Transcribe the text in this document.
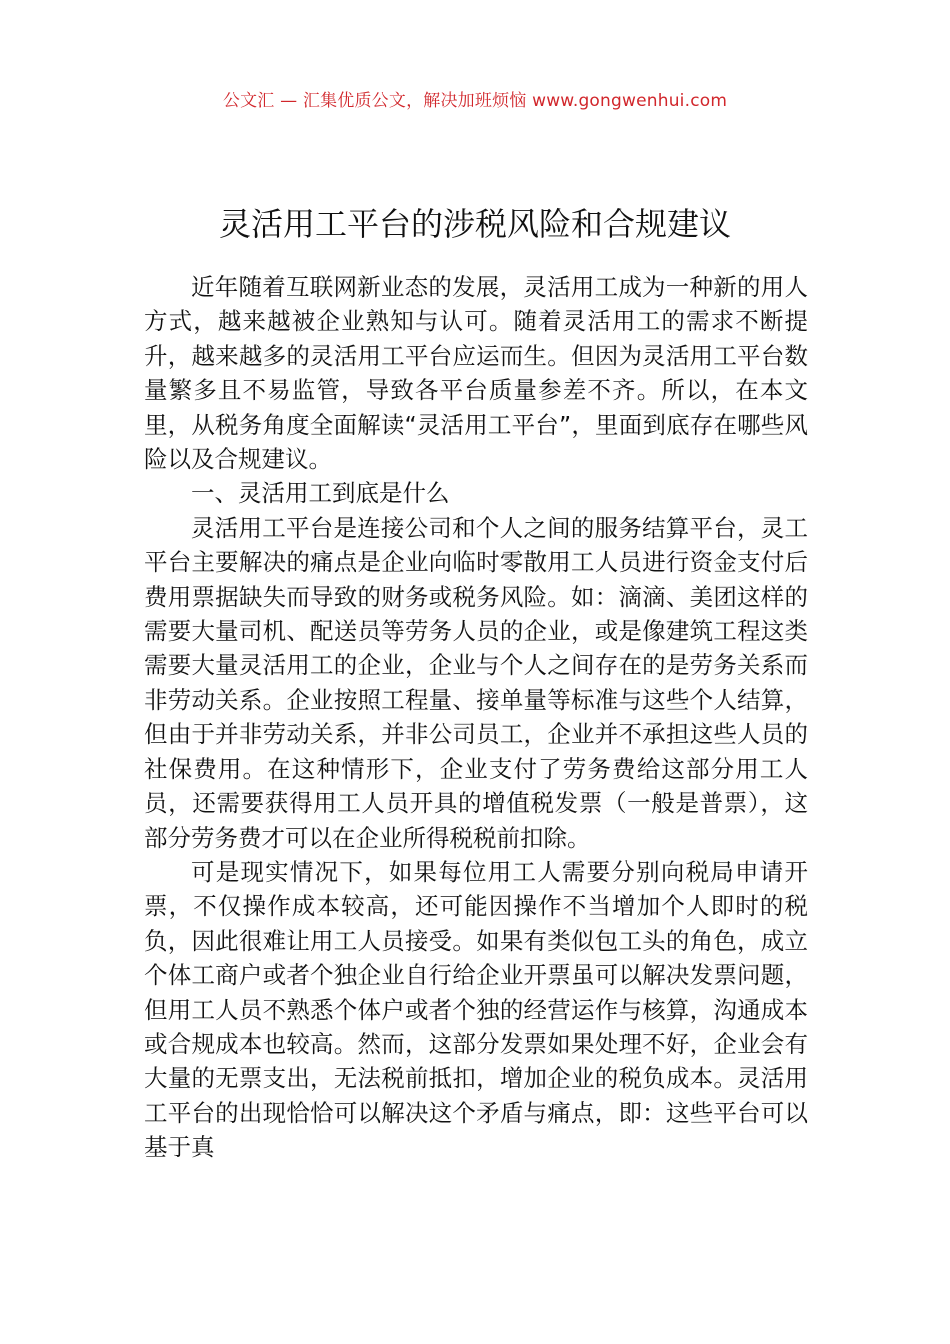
公文汇 — 汇集优质公文，解决加班烦恼 www.gongwenhui.com
灵活用工平台的涉税风险和合规建议

近年随着互联网新业态的发展，灵活用工成为一种新的用人方式，越来越被企业熟知与认可。随着灵活用工的需求不断提升，越来越多的灵活用工平台应运而生。但因为灵活用工平台数量繁多且不易监管，导致各平台质量参差不齐。所以，在本文里，从税务角度全面解读“灵活用工平台”，里面到底存在哪些风险以及合规建议。

一、灵活用工到底是什么

灵活用工平台是连接公司和个人之间的服务结算平台，灵工平台主要解决的痛点是企业向临时零散用工人员进行资金支付后费用票据缺失而导致的财务或税务风险。如：滴滴、美团这样的需要大量司机、配送员等劳务人员的企业，或是像建筑工程这类需要大量灵活用工的企业，企业与个人之间存在的是劳务关系而非劳动关系。企业按照工程量、接单量等标准与这些个人结算，但由于并非劳动关系，并非公司员工，企业并不承担这些人员的社保费用。在这种情形下，企业支付了劳务费给这部分用工人员，还需要获得用工人员开具的增值税发票（一般是普票），这部分劳务费才可以在企业所得税税前扣除。

可是现实情况下，如果每位用工人需要分别向税局申请开票，不仅操作成本较高，还可能因操作不当增加个人即时的税负，因此很难让用工人员接受。如果有类似包工头的角色，成立个体工商户或者个独企业自行给企业开票虽可以解决发票问题，但用工人员不熟悉个体户或者个独的经营运作与核算，沟通成本或合规成本也较高。然而，这部分发票如果处理不好，企业会有大量的无票支出，无法税前抵扣，增加企业的税负成本。灵活用工平台的出现恰恰可以解决这个矛盾与痛点，即：这些平台可以基于真
